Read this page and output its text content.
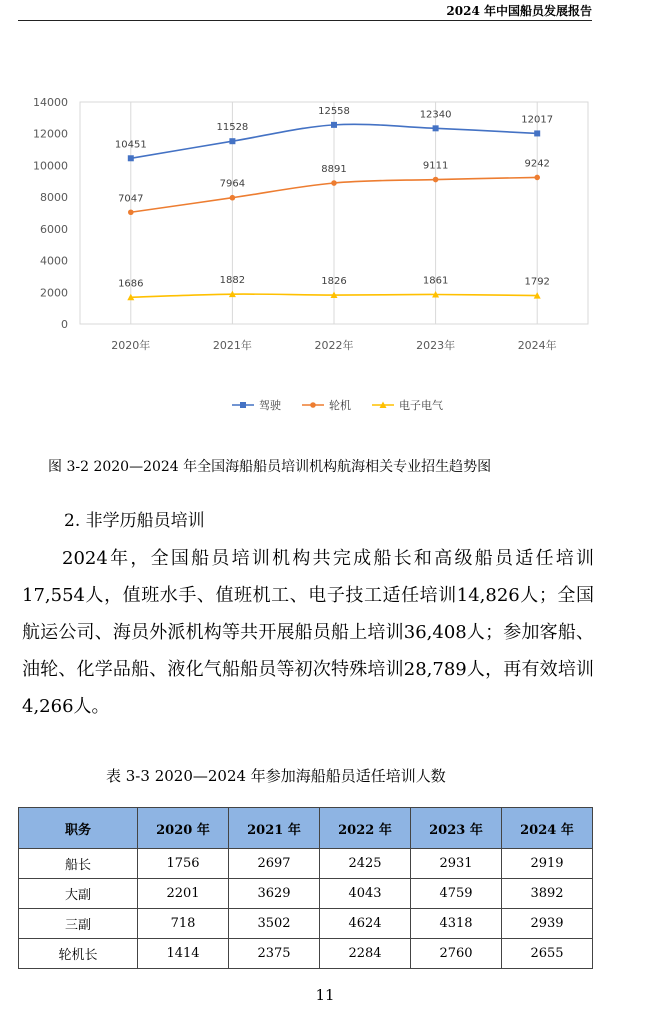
2024 年中国船员发展报告
0
2000
4000
6000
8000
10000
12000
14000
2020年	2021年	2022年	2023年	2024年
10451
11528
12558	12340	12017
7047
7964
8891	9111	9242
1686	1882	1826	1861	1792
驾驶	轮机	电子电气
图 3-2 2020—2024 年全国海船船员培训机构航海相关专业招生趋势图
2. 非学历船员培训

2024年，全国船员培训机构共完成船长和高级船员适任培训17,554人，值班水手、值班机工、电子技工适任培训14,826人；全国航运公司、海员外派机构等共开展船员船上培训36,408人；参加客船、油轮、化学品船、液化气船船员等初次特殊培训28,789人，再有效培训4,266人。

表 3-3 2020—2024 年参加海船船员适任培训人数
职务	2020 年	2021 年	2022 年	2023 年	2024 年
船长	1756	2697	2425	2931	2919
大副	2201	3629	4043	4759	3892
三副	718	3502	4624	4318	2939
轮机长	1414	2375	2284	2760	2655
11
